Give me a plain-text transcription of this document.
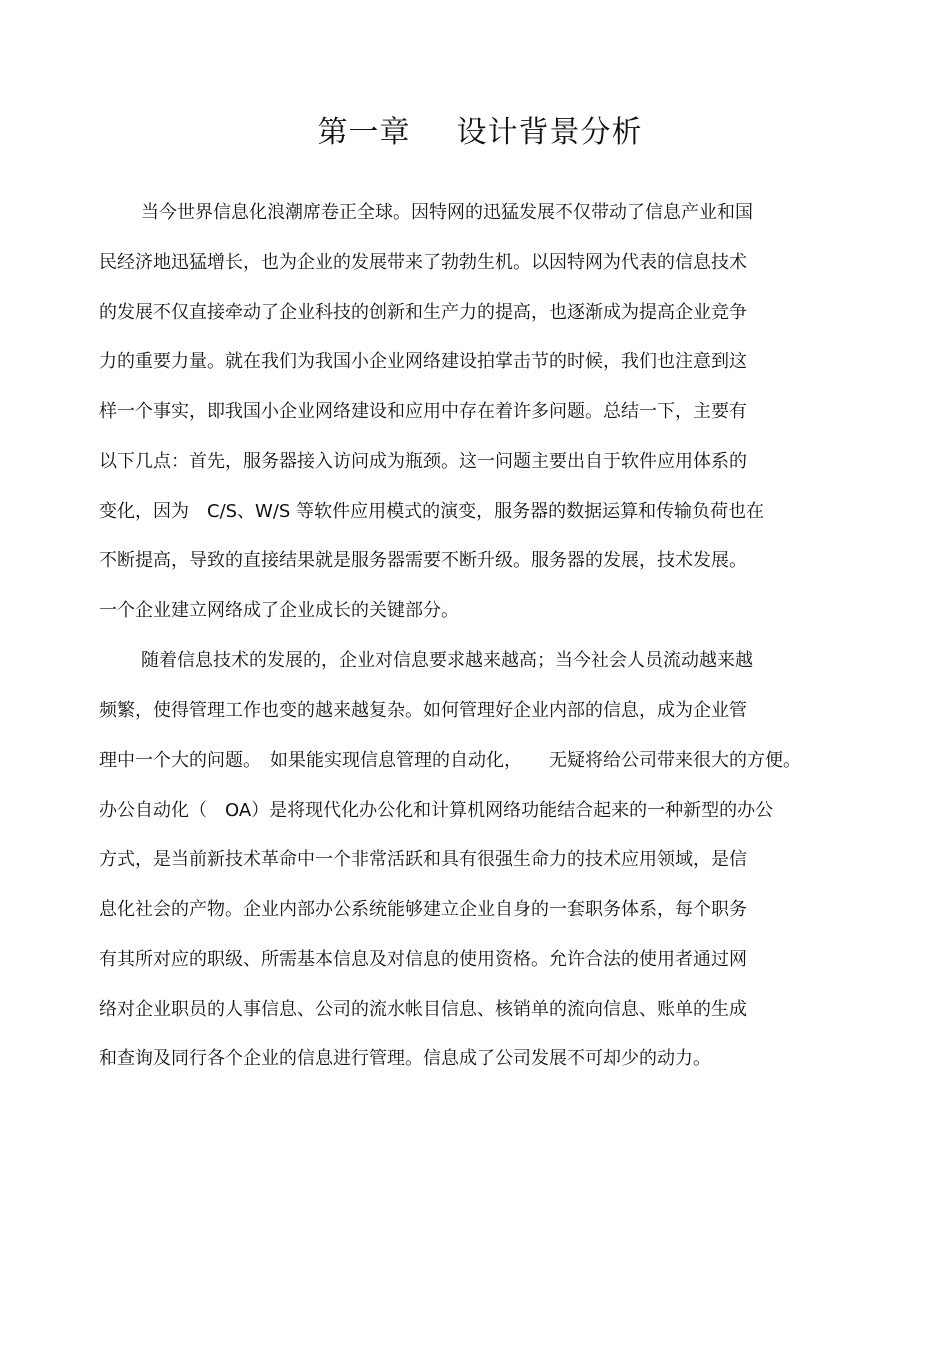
第一章 设计背景分析
当今世界信息化浪潮席卷正全球。因特网的迅猛发展不仅带动了信息产业和国
民经济地迅猛增长，也为企业的发展带来了勃勃生机。以因特网为代表的信息技术
的发展不仅直接牵动了企业科技的创新和生产力的提高，也逐渐成为提高企业竞争
力的重要力量。就在我们为我国小企业网络建设拍掌击节的时候，我们也注意到这
样一个事实，即我国小企业网络建设和应用中存在着许多问题。总结一下，主要有
以下几点：首先，服务器接入访问成为瓶颈。这一问题主要出自于软件应用体系的
变化，因为　C/S、W/S 等软件应用模式的演变，服务器的数据运算和传输负荷也在
不断提高，导致的直接结果就是服务器需要不断升级。服务器的发展，技术发展。
一个企业建立网络成了企业成长的关键部分。
随着信息技术的发展的，企业对信息要求越来越高；当今社会人员流动越来越
频繁，使得管理工作也变的越来越复杂。如何管理好企业内部的信息，成为企业管
理中一个大的问题。　如果能实现信息管理的自动化，　　无疑将给公司带来很大的方便。
办公自动化（　OA）是将现代化办公化和计算机网络功能结合起来的一种新型的办公
方式，是当前新技术革命中一个非常活跃和具有很强生命力的技术应用领域，是信
息化社会的产物。企业内部办公系统能够建立企业自身的一套职务体系，每个职务
有其所对应的职级、所需基本信息及对信息的使用资格。允许合法的使用者通过网
络对企业职员的人事信息、公司的流水帐目信息、核销单的流向信息、账单的生成
和查询及同行各个企业的信息进行管理。信息成了公司发展不可却少的动力。
